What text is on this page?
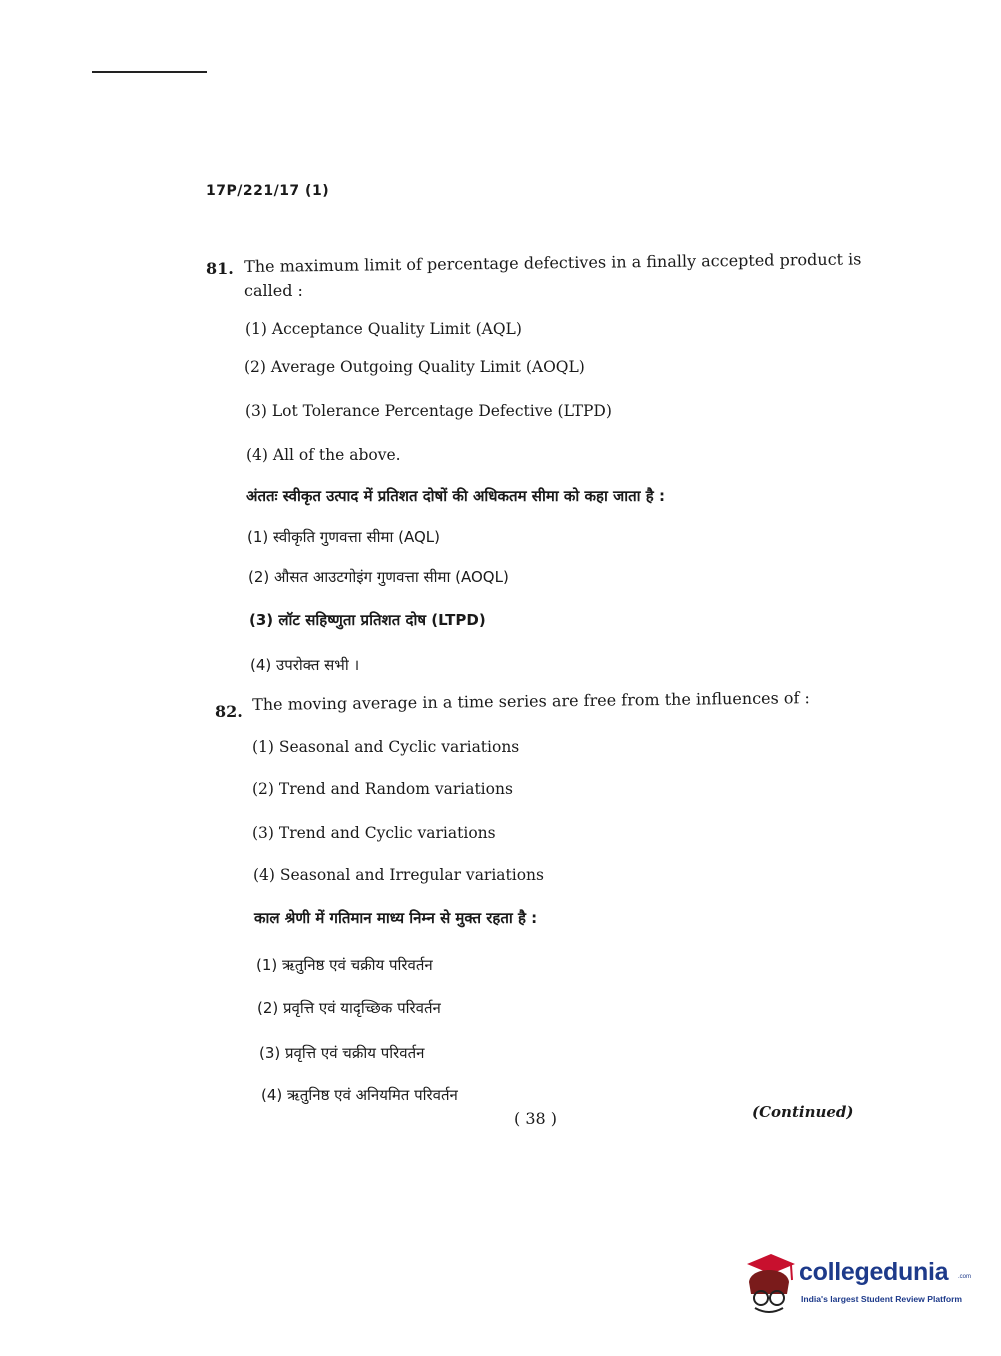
17P/221/17 (1)
81. The maximum limit of percentage defectives in a finally accepted product is
called :
(1) Acceptance Quality Limit (AQL)
(2) Average Outgoing Quality Limit (AOQL)
(3) Lot Tolerance Percentage Defective (LTPD)
(4) All of the above.
अंततः स्वीकृत उत्पाद में प्रतिशत दोषों की अधिकतम सीमा को कहा जाता है :
(1) स्वीकृति गुणवत्ता सीमा (AQL)
(2) औसत आउटगोइंग गुणवत्ता सीमा (AOQL)
(3) लॉट सहिष्णुता प्रतिशत दोष (LTPD)
(4) उपरोक्त सभी ।
82. The moving average in a time series are free from the influences of :
(1) Seasonal and Cyclic variations
(2) Trend and Random variations
(3) Trend and Cyclic variations
(4) Seasonal and Irregular variations
काल श्रेणी में गतिमान माध्य निम्न से मुक्त रहता है :
(1) ऋतुनिष्ठ एवं चक्रीय परिवर्तन
(2) प्रवृत्ति एवं यादृच्छिक परिवर्तन
(3) प्रवृत्ति एवं चक्रीय परिवर्तन
(4) ऋतुनिष्ठ एवं अनियमित परिवर्तन
( 38 )	(Continued)
collegedunia .com
India's largest Student Review Platform
